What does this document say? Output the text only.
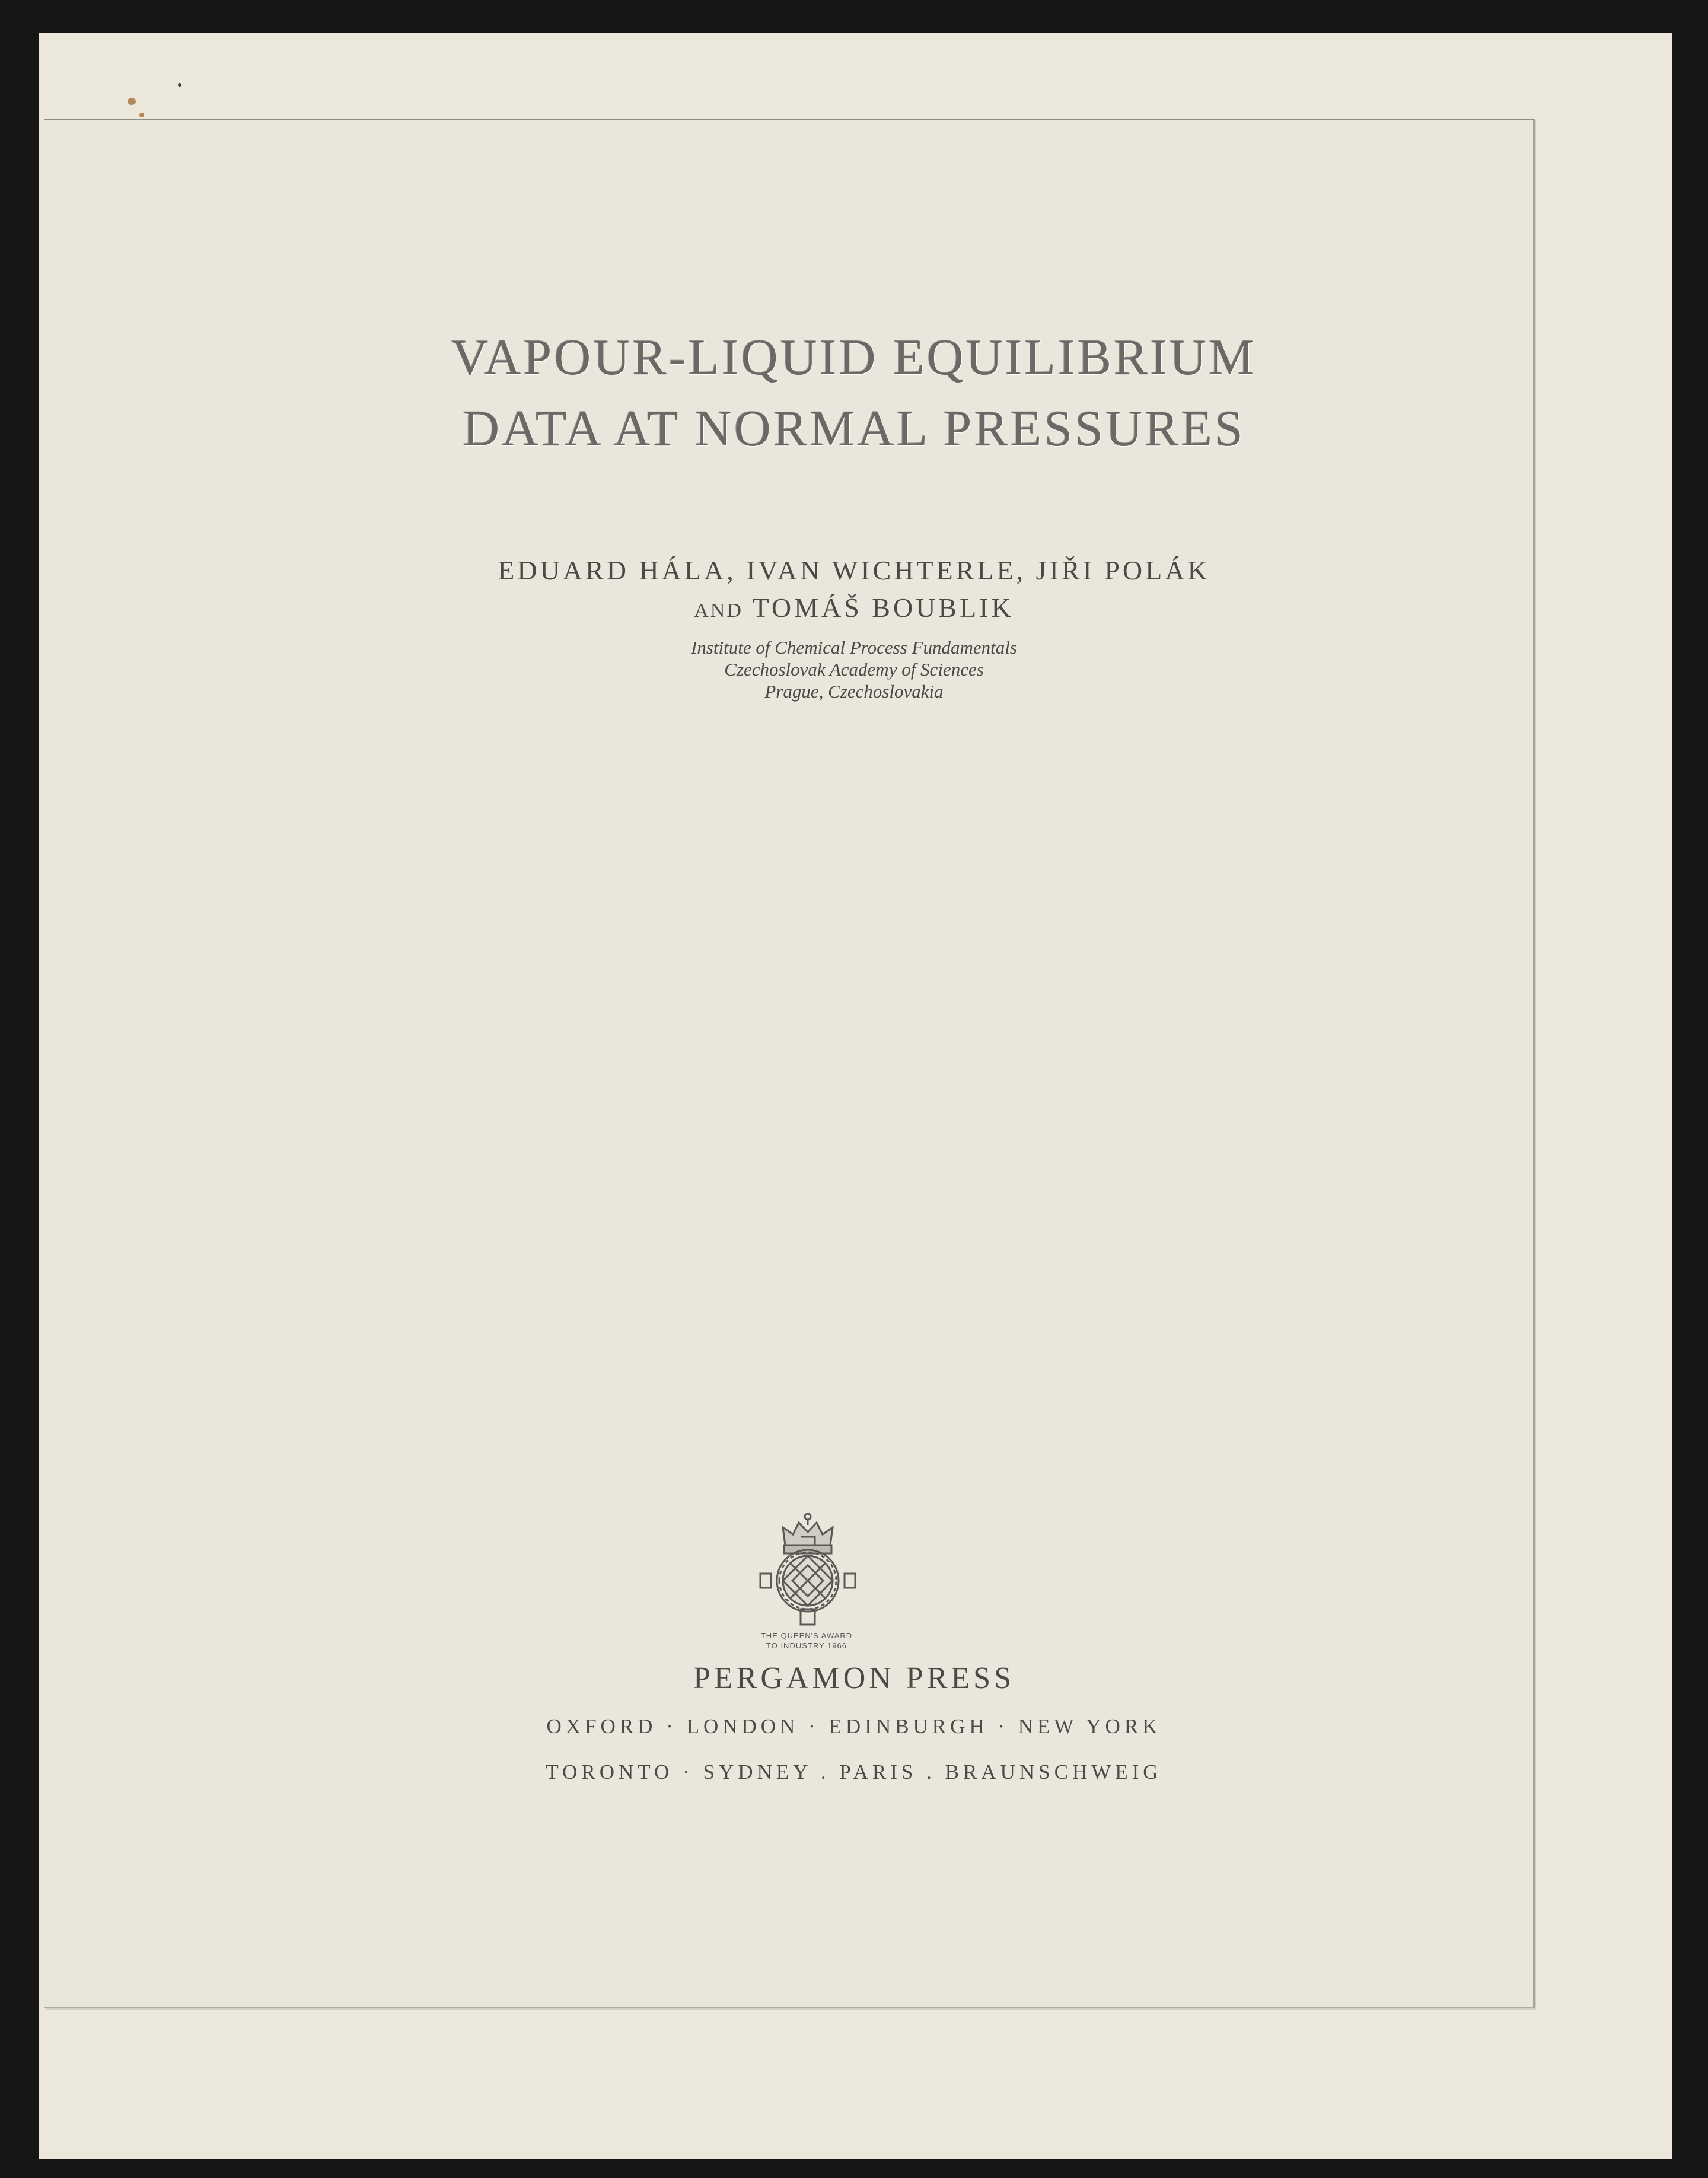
VAPOUR-LIQUID EQUILIBRIUM
DATA AT NORMAL PRESSURES
EDUARD HÁLA, IVAN WICHTERLE, JIŘI POLÁK
AND TOMÁŠ BOUBLIK
Institute of Chemical Process Fundamentals
Czechoslovak Academy of Sciences
Prague, Czechoslovakia
THE QUEEN'S AWARD
TO INDUSTRY 1966
PERGAMON PRESS
OXFORD · LONDON · EDINBURGH · NEW YORK
TORONTO · SYDNEY . PARIS . BRAUNSCHWEIG
